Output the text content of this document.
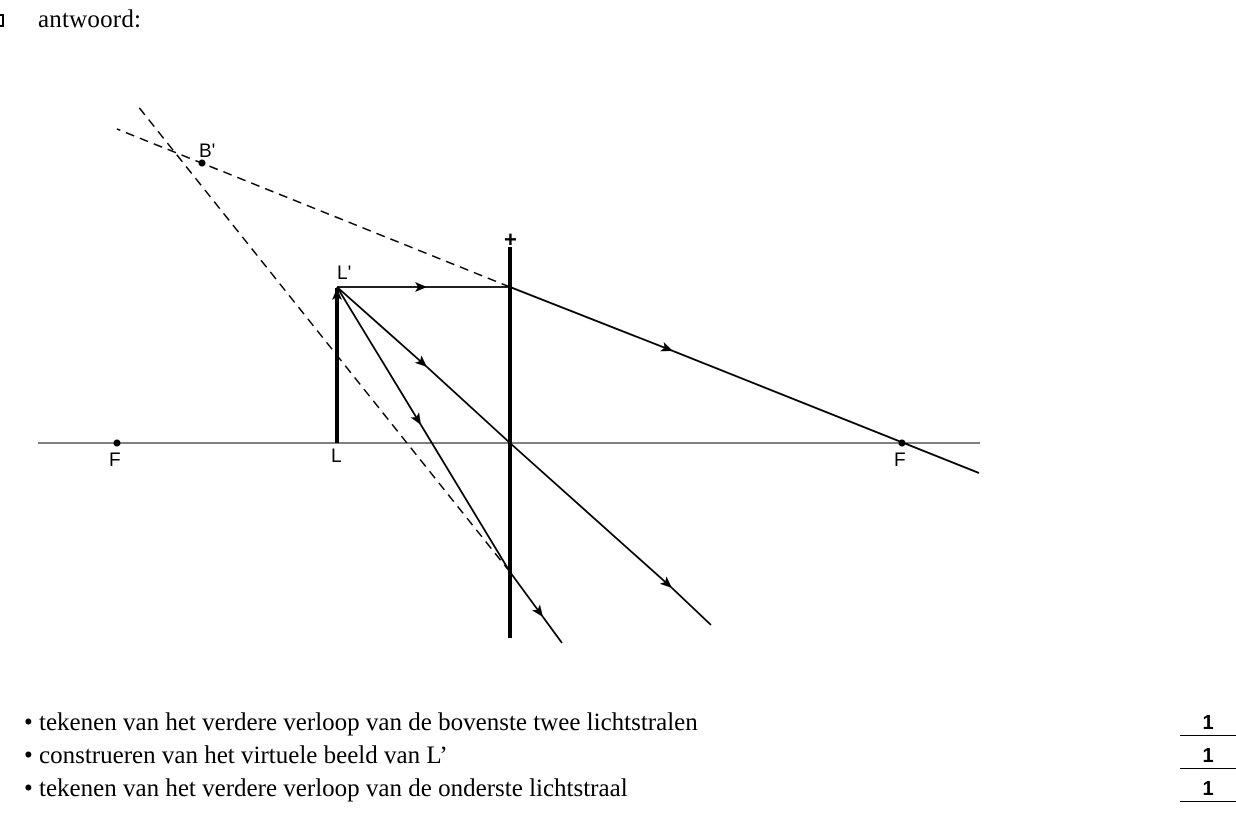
antwoord:
+
F	F
L
L'
B'
• tekenen van het verdere verloop van de bovenste twee lichtstralen	1
• construeren van het virtuele beeld van L’	1
• tekenen van het verdere verloop van de onderste lichtstraal	1
